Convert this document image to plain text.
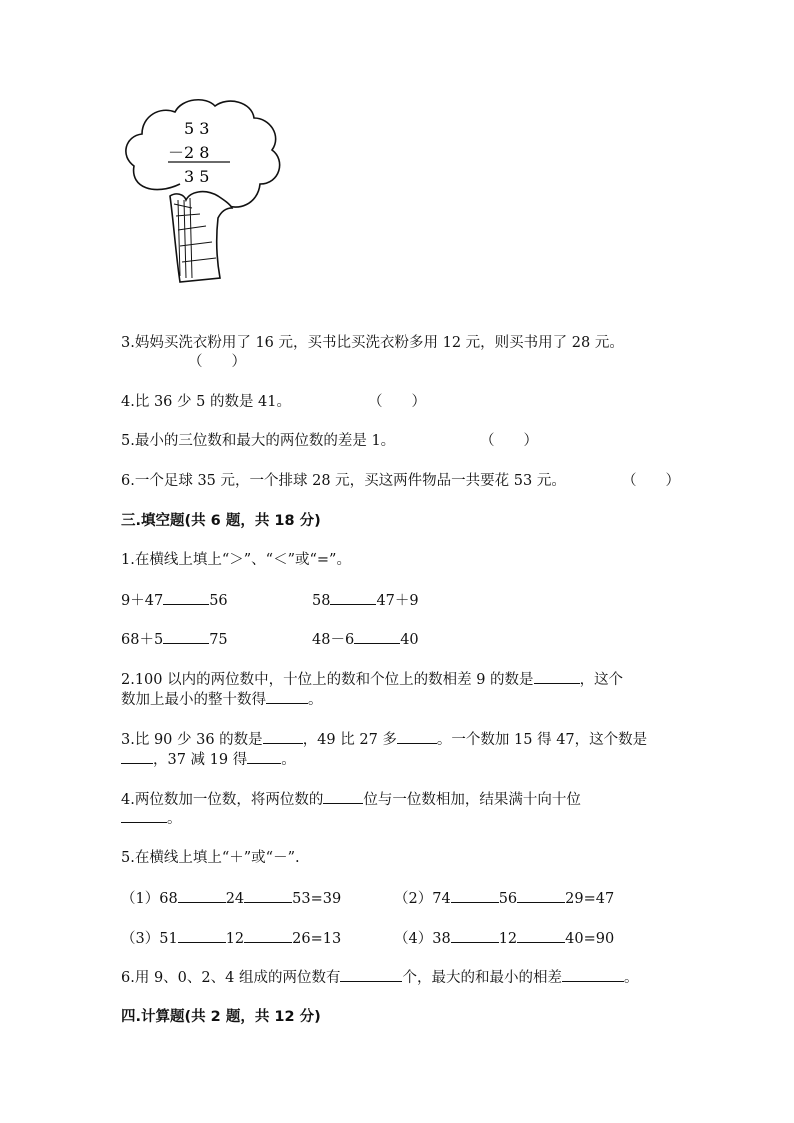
5 3
－2 8
3 5
3.妈妈买洗衣粉用了 16 元，买书比买洗衣粉多用 12 元，则买书用了 28 元。
（　　）
4.比 36 少 5 的数是 41。	（　　）
5.最小的三位数和最大的两位数的差是 1。	（　　）
6.一个足球 35 元，一个排球 28 元，买这两件物品一共要花 53 元。	（　　）
三.填空题(共 6 题，共 18 分)
1.在横线上填上“＞”、“＜”或“=”。
9＋47	56	58	47＋9
68＋5	75	48－6	40
2.100 以内的两位数中，十位上的数和个位上的数相差 9 的数是	，这个
数加上最小的整十数得	。
3.比 90 少 36 的数是	，49 比 27 多	。一个数加 15 得 47，这个数是
，37 减 19 得 。
4.两位数加一位数，将两位数的	位与一位数相加，结果满十向十位
。
5.在横线上填上“＋”或“－”.
（1）68	24	53=39	（2）74	56	29=47
（3）51	12	26=13	（4）38	12	40=90
6.用 9、0、2、4 组成的两位数有	个，最大的和最小的相差	。
四.计算题(共 2 题，共 12 分)
